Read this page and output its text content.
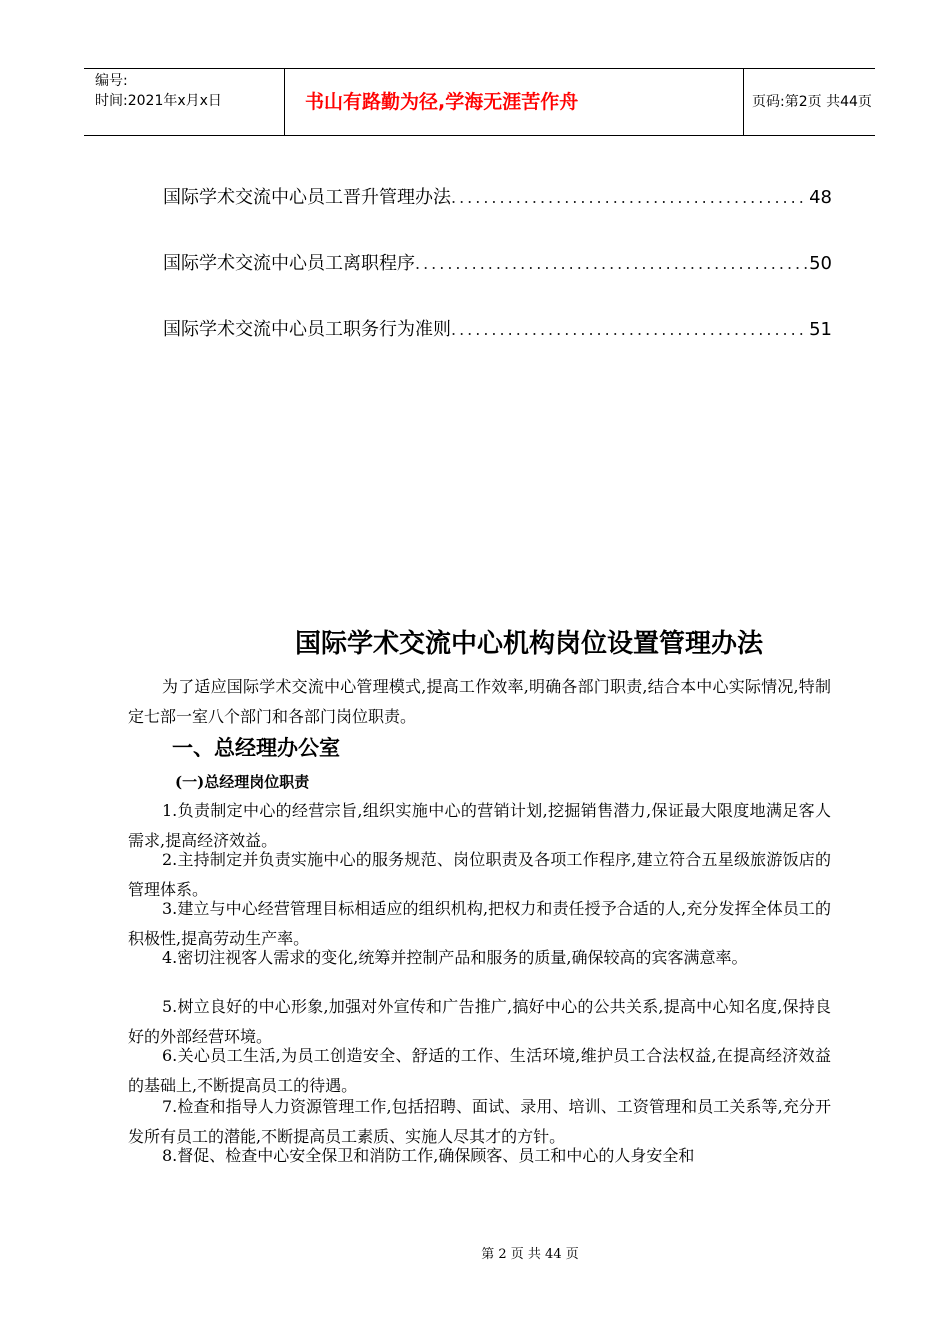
编号:
时间:2021年x月x日	书山有路勤为径,学海无涯苦作舟	页码:第2页 共44页
国际学术交流中心员工晋升管理办法 .....	48
国际学术交流中心员工离职程序 .....	50
国际学术交流中心员工职务行为准则 .....	51
国际学术交流中心机构岗位设置管理办法

为了适应国际学术交流中心管理模式,提高工作效率,明确各部门职责,结合本中心实际情况,特制定七部一室八个部门和各部门岗位职责。

一、总经理办公室
(一)总经理岗位职责

1.负责制定中心的经营宗旨,组织实施中心的营销计划,挖掘销售潜力,保证最大限度地满足客人需求,提高经济效益。

2.主持制定并负责实施中心的服务规范、岗位职责及各项工作程序,建立符合五星级旅游饭店的管理体系。

3.建立与中心经营管理目标相适应的组织机构,把权力和责任授予合适的人,充分发挥全体员工的积极性,提高劳动生产率。

4.密切注视客人需求的变化,统筹并控制产品和服务的质量,确保较高的宾客满意率。

5.树立良好的中心形象,加强对外宣传和广告推广,搞好中心的公共关系,提高中心知名度,保持良好的外部经营环境。

6.关心员工生活,为员工创造安全、舒适的工作、生活环境,维护员工合法权益,在提高经济效益的基础上,不断提高员工的待遇。

7.检查和指导人力资源管理工作,包括招聘、面试、录用、培训、工资管理和员工关系等,充分开发所有员工的潜能,不断提高员工素质、实施人尽其才的方针。

8.督促、检查中心安全保卫和消防工作,确保顾客、员工和中心的人身安全和

第 2 页 共 44 页
